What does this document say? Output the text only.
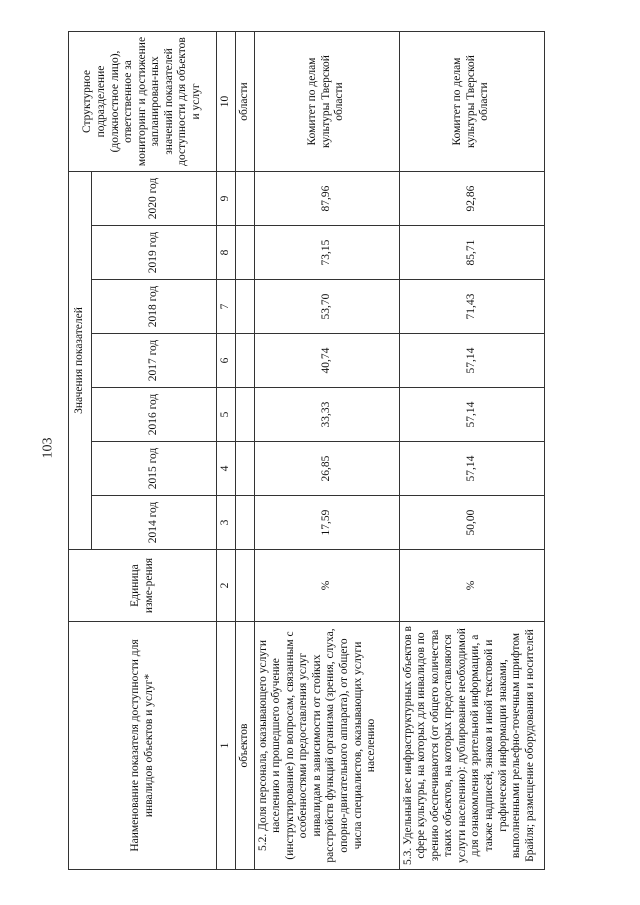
103
Наименование показателя доступности для инвалидов объектов и услуг*	Единица изме-рения	Значения показателей							Структурное подразделение (должностное лицо), ответственное за мониторинг и достижение запланирован-ных значений показателей доступности для объектов и услуг
		2014 год	2015 год	2016 год	2017 год	2018 год	2019 год	2020 год	
1	2	3	4	5	6	7	8	9	10
объектов									области
5.2. Доля персонала, оказывающего услуги населению и прошедшего обучение (инструктирование) по вопросам, связанным с особенностями предоставления услуг инвалидам в зависимости от стойких расстройств функций организма (зрения, слуха, опорно-двигательного аппарата), от общего числа специалистов, оказывающих услуги населению	%	17,59	26,85	33,33	40,74	53,70	73,15	87,96	Комитет по делам культуры Тверской области
5.3. Удельный вес инфраструктурных объектов в сфере культуры, на которых для инвалидов по зрению обеспечиваются (от общего количества таких объектов, на которых предоставляются услуги населению): дублирование необходимой для ознакомления зрительной информации, а также надписей, знаков и иной текстовой и графической информации знаками, выполненными рельефно-точечным шрифтом Брайля; размещение оборудования и носителей	%	50,00	57,14	57,14	57,14	71,43	85,71	92,86	Комитет по делам культуры Тверской области
